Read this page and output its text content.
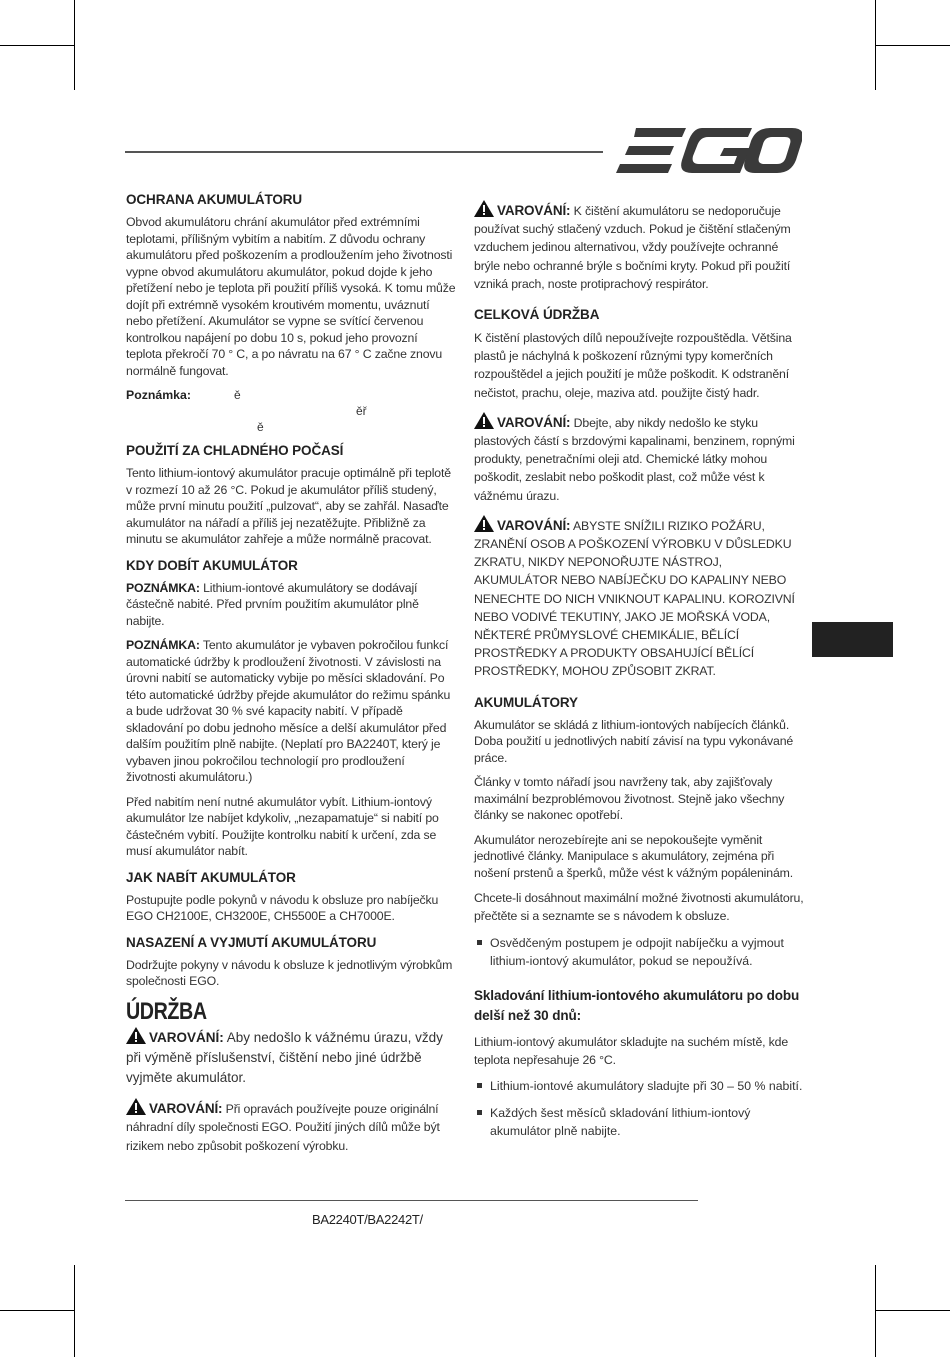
OCHRANA AKUMULÁTORU

Obvod akumulátoru chrání akumulátor před extrémními teplotami, přílišným vybitím a nabitím. Z důvodu ochrany akumulátoru před poškozením a prodloužením jeho životnosti vypne obvod akumulátoru akumulátor, pokud dojde k jeho přetížení nebo je teplota při použití příliš vysoká. K tomu může dojít při extrémně vysokém kroutivém momentu, uváznutí nebo přetížení. Akumulátor se vypne se svítící červenou kontrolkou napájení po dobu 10 s, pokud jeho provozní teplota překročí 70 ° C, a po návratu na 67 ° C začne znovu normálně fungovat.

Poznámka:	ě
ěř
ě
POUŽITÍ ZA CHLADNÉHO POČASÍ

Tento lithium-iontový akumulátor pracuje optimálně při teplotě v rozmezí 10 až 26 °C. Pokud je akumulátor příliš studený, může první minutu použití „pulzovat“, aby se zahřál. Nasaďte akumulátor na nářadí a příliš jej nezatěžujte. Přibližně za minutu se akumulátor zahřeje a může normálně pracovat.

KDY DOBÍT AKUMULÁTOR

POZNÁMKA: Lithium-iontové akumulátory se dodávají částečně nabité. Před prvním použitím akumulátor plně nabijte.

POZNÁMKA: Tento akumulátor je vybaven pokročilou funkcí automatické údržby k prodloužení životnosti. V závislosti na úrovni nabití se automaticky vybije po měsíci skladování. Po této automatické údržby přejde akumulátor do režimu spánku a bude udržovat 30 % své kapacity nabití. V případě skladování po dobu jednoho měsíce a delší akumulátor před dalším použitím plně nabijte. (Neplatí pro BA2240T, který je vybaven jinou pokročilou technologií pro prodloužení životnosti akumulátoru.)

Před nabitím není nutné akumulátor vybít. Lithium-iontový akumulátor lze nabíjet kdykoliv, „nezapamatuje“ si nabití po částečném vybití. Použijte kontrolku nabití k určení, zda se musí akumulátor nabít.

JAK NABÍT AKUMULÁTOR

Postupujte podle pokynů v návodu k obsluze pro nabíječku EGO CH2100E, CH3200E, CH5500E a CH7000E.

NASAZENÍ A VYJMUTÍ AKUMULÁTORU

Dodržujte pokyny v návodu k obsluze k jednotlivým výrobkům společnosti EGO.

ÚDRŽBA
VAROVÁNÍ: Aby nedošlo k vážnému úrazu, vždy při výměně příslušenství, čištění nebo jiné údržbě vyjměte akumulátor.

VAROVÁNÍ: Při opravách používejte pouze originální náhradní díly společnosti EGO. Použití jiných dílů může být rizikem nebo způsobit poškození výrobku.

VAROVÁNÍ: K čištění akumulátoru se nedoporučuje používat suchý stlačený vzduch. Pokud je čištění stlačeným vzduchem jedinou alternativou, vždy používejte ochranné brýle nebo ochranné brýle s bočními kryty. Pokud při použití vzniká prach, noste protiprachový respirátor.

CELKOVÁ ÚDRŽBA

K čistění plastových dílů nepoužívejte rozpouštědla. Většina plastů je náchylná k poškození různými typy komerčních rozpouštědel a jejich použití je může poškodit. K odstranění nečistot, prachu, oleje, maziva atd. použijte čistý hadr.

VAROVÁNÍ: Dbejte, aby nikdy nedošlo ke styku plastových částí s brzdovými kapalinami, benzinem, ropnými produkty, penetračními oleji atd. Chemické látky mohou poškodit, zeslabit nebo poškodit plast, což může vést k vážnému úrazu.

VAROVÁNÍ: ABYSTE SNÍŽILI RIZIKO POŽÁRU, ZRANĚNÍ OSOB A POŠKOZENÍ VÝROBKU V DŮSLEDKU ZKRATU, NIKDY NEPONOŘUJTE NÁSTROJ, AKUMULÁTOR NEBO NABÍJEČKU DO KAPALINY NEBO NENECHTE DO NICH VNIKNOUT KAPALINU. KOROZIVNÍ NEBO VODIVÉ TEKUTINY, JAKO JE MOŘSKÁ VODA, NĚKTERÉ PRŮMYSLOVÉ CHEMIKÁLIE, BĚLÍCÍ PROSTŘEDKY A PRODUKTY OBSAHUJÍCÍ BĚLÍCÍ PROSTŘEDKY, MOHOU ZPŮSOBIT ZKRAT.

AKUMULÁTORY

Akumulátor se skládá z lithium-iontových nabíjecích článků. Doba použití u jednotlivých nabití závisí na typu vykonávané práce.

Články v tomto nářadí jsou navrženy tak, aby zajišťovaly maximální bezproblémovou životnost. Stejně jako všechny články se nakonec opotřebí.

Akumulátor nerozebírejte ani se nepokoušejte vyměnit jednotlivé články. Manipulace s akumulátory, zejména při nošení prstenů a šperků, může vést k vážným popáleninám.

Chcete-li dosáhnout maximální možné životnosti akumulátoru, přečtěte si a seznamte se s návodem k obsluze.

Osvědčeným postupem je odpojit nabíječku a vyjmout lithium-iontový akumulátor, pokud se nepoužívá.
Skladování lithium-iontového akumulátoru po dobu delší než 30 dnů:

Lithium-iontový akumulátor skladujte na suchém místě, kde teplota nepřesahuje 26 °C.

Lithium-iontové akumulátory sladujte při 30 – 50 % nabití.
Každých šest měsíců skladování lithium-iontový akumulátor plně nabijte.
BA2240T/BA2242T/
